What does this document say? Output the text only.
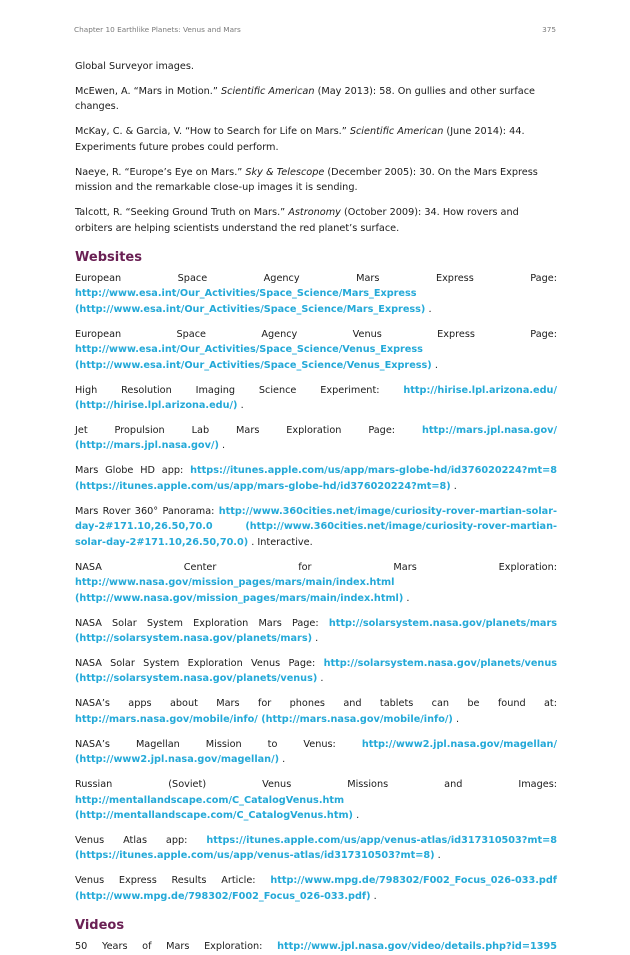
Chapter 10 Earthlike Planets: Venus and Mars	375

Global Surveyor images.

McEwen, A. “Mars in Motion.” Scientific American (May 2013): 58. On gullies and other surface changes.

McKay, C. & Garcia, V. “How to Search for Life on Mars.” Scientific American (June 2014): 44. Experiments future probes could perform.

Naeye, R. “Europe’s Eye on Mars.” Sky & Telescope (December 2005): 30. On the Mars Express mission and the remarkable close-up images it is sending.

Talcott, R. “Seeking Ground Truth on Mars.” Astronomy (October 2009): 34. How rovers and orbiters are helping scientists understand the red planet’s surface.

Websites

European Space Agency Mars Express Page: http://www.esa.int/Our_Activities/Space_Science/Mars_Express (http://www.esa.int/Our_Activities/Space_Science/Mars_Express) .

European Space Agency Venus Express Page: http://www.esa.int/Our_Activities/Space_Science/Venus_Express (http://www.esa.int/Our_Activities/Space_Science/Venus_Express) .

High Resolution Imaging Science Experiment: http://hirise.lpl.arizona.edu/ (http://hirise.lpl.arizona.edu/) .

Jet Propulsion Lab Mars Exploration Page: http://mars.jpl.nasa.gov/ (http://mars.jpl.nasa.gov/) .

Mars Globe HD app: https://itunes.apple.com/us/app/mars-globe-hd/id376020224?mt=8 (https://itunes.apple.com/us/app/mars-globe-hd/id376020224?mt=8) .

Mars Rover 360° Panorama: http://www.360cities.net/image/curiosity-rover-martian-solar-day-2#171.10,26.50,70.0 (http://www.360cities.net/image/curiosity-rover-martian-solar-day-2#171.10,26.50,70.0) . Interactive.

NASA Center for Mars Exploration: http://www.nasa.gov/mission_pages/mars/main/index.html (http://www.nasa.gov/mission_pages/mars/main/index.html) .

NASA Solar System Exploration Mars Page: http://solarsystem.nasa.gov/planets/mars (http://solarsystem.nasa.gov/planets/mars) .

NASA Solar System Exploration Venus Page: http://solarsystem.nasa.gov/planets/venus (http://solarsystem.nasa.gov/planets/venus) .

NASA’s apps about Mars for phones and tablets can be found at: http://mars.nasa.gov/mobile/info/ (http://mars.nasa.gov/mobile/info/) .

NASA’s Magellan Mission to Venus: http://www2.jpl.nasa.gov/magellan/ (http://www2.jpl.nasa.gov/magellan/) .

Russian (Soviet) Venus Missions and Images: http://mentallandscape.com/C_CatalogVenus.htm (http://mentallandscape.com/C_CatalogVenus.htm) .

Venus Atlas app: https://itunes.apple.com/us/app/venus-atlas/id317310503?mt=8 (https://itunes.apple.com/us/app/venus-atlas/id317310503?mt=8) .

Venus Express Results Article: http://www.mpg.de/798302/F002_Focus_026-033.pdf (http://www.mpg.de/798302/F002_Focus_026-033.pdf) .

Videos
50 Years of Mars Exploration: http://www.jpl.nasa.gov/video/details.php?id=1395
